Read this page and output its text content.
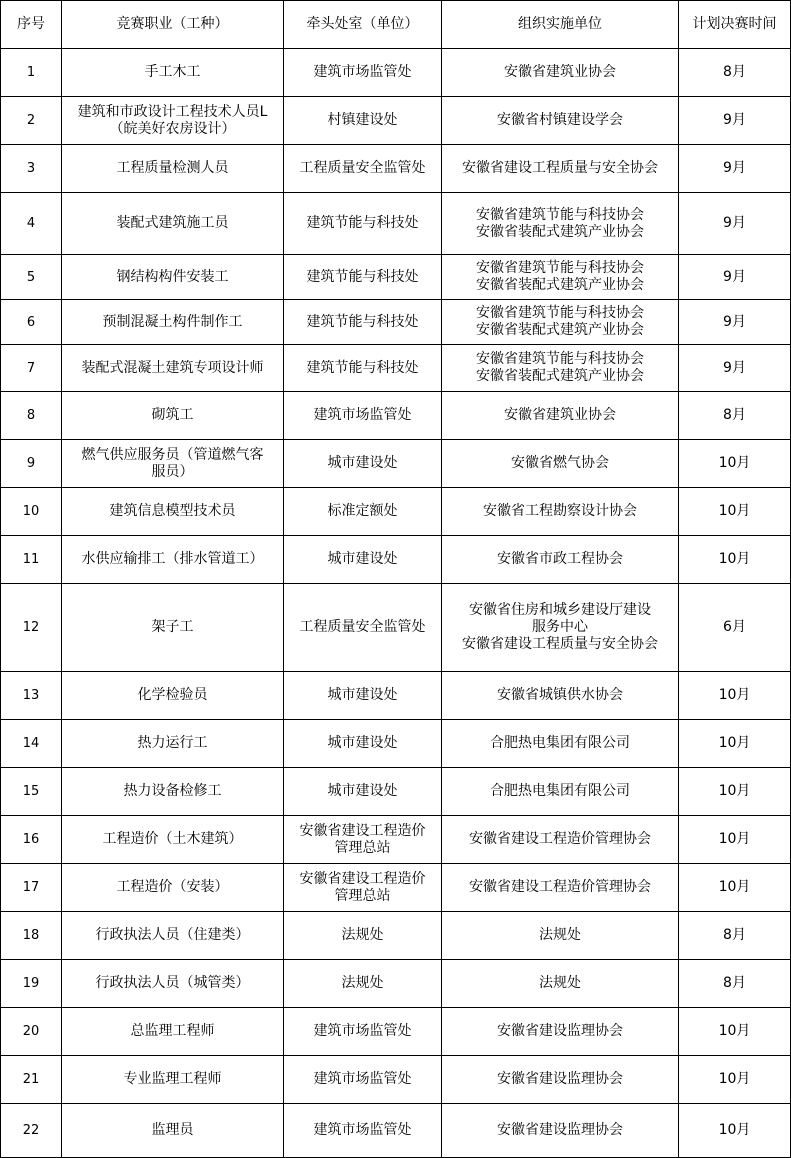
序号	竞赛职业（工种）	牵头处室（单位）	组织实施单位	计划决赛时间
1	手工木工	建筑市场监管处	安徽省建筑业协会	8月
2	建筑和市政设计工程技术人员L
（皖美好农房设计）	村镇建设处	安徽省村镇建设学会	9月
3	工程质量检测人员	工程质量安全监管处	安徽省建设工程质量与安全协会	9月
4	装配式建筑施工员	建筑节能与科技处	安徽省建筑节能与科技协会
安徽省装配式建筑产业协会	9月
5	钢结构构件安装工	建筑节能与科技处	安徽省建筑节能与科技协会
安徽省装配式建筑产业协会	9月
6	预制混凝土构件制作工	建筑节能与科技处	安徽省建筑节能与科技协会
安徽省装配式建筑产业协会	9月
7	装配式混凝土建筑专项设计师	建筑节能与科技处	安徽省建筑节能与科技协会
安徽省装配式建筑产业协会	9月
8	砌筑工	建筑市场监管处	安徽省建筑业协会	8月
9	燃气供应服务员（管道燃气客
服员）	城市建设处	安徽省燃气协会	10月
10	建筑信息模型技术员	标准定额处	安徽省工程勘察设计协会	10月
11	水供应输排工（排水管道工）	城市建设处	安徽省市政工程协会	10月
12	架子工	工程质量安全监管处	安徽省住房和城乡建设厅建设
服务中心
安徽省建设工程质量与安全协会	6月
13	化学检验员	城市建设处	安徽省城镇供水协会	10月
14	热力运行工	城市建设处	合肥热电集团有限公司	10月
15	热力设备检修工	城市建设处	合肥热电集团有限公司	10月
16	工程造价（土木建筑）	安徽省建设工程造价
管理总站	安徽省建设工程造价管理协会	10月
17	工程造价（安装）	安徽省建设工程造价
管理总站	安徽省建设工程造价管理协会	10月
18	行政执法人员（住建类）	法规处	法规处	8月
19	行政执法人员（城管类）	法规处	法规处	8月
20	总监理工程师	建筑市场监管处	安徽省建设监理协会	10月
21	专业监理工程师	建筑市场监管处	安徽省建设监理协会	10月
22	监理员	建筑市场监管处	安徽省建设监理协会	10月
